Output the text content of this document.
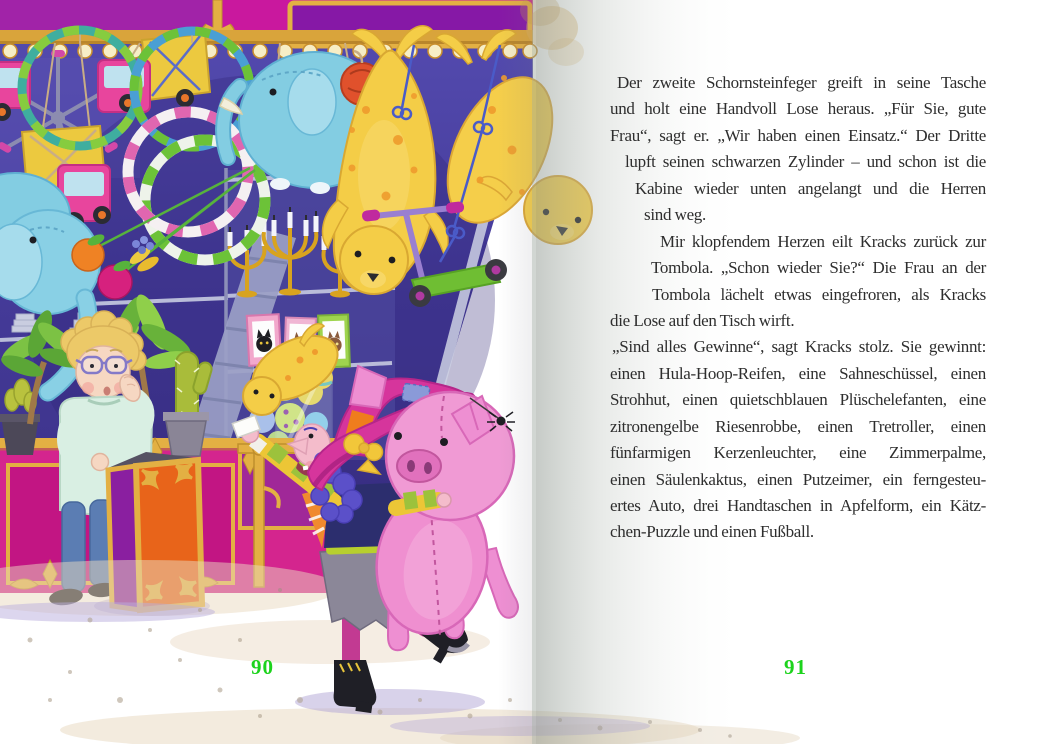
Der zweite Schornsteinfeger greift in seine Tasche
und holt eine Handvoll Lose heraus. „Für Sie, gute
Frau“, sagt er. „Wir haben einen Einsatz.“ Der Dritte
lupft seinen schwarzen Zylinder – und schon ist die
Kabine wieder unten angelangt und die Herren
sind weg.
Mir klopfendem Herzen eilt Kracks zurück zur
Tombola. „Schon wieder Sie?“ Die Frau an der
Tombola lächelt etwas eingefroren, als Kracks
die Lose auf den Tisch wirft.
„Sind alles Gewinne“, sagt Kracks stolz. Sie gewinnt:
einen Hula-Hoop-Reifen, eine Sahneschüssel, einen
Strohhut, einen quietschblauen Plüschelefanten, eine
zitronengelbe Riesenrobbe, einen Tretroller, einen
fünfarmigen Kerzenleuchter, eine Zimmerpalme,
einen Säulenkaktus, einen Putzeimer, ein ferngesteu-
ertes Auto, drei Handtaschen in Apfelform, ein Kätz-
chen-Puzzle und einen Fußball.
90	91
